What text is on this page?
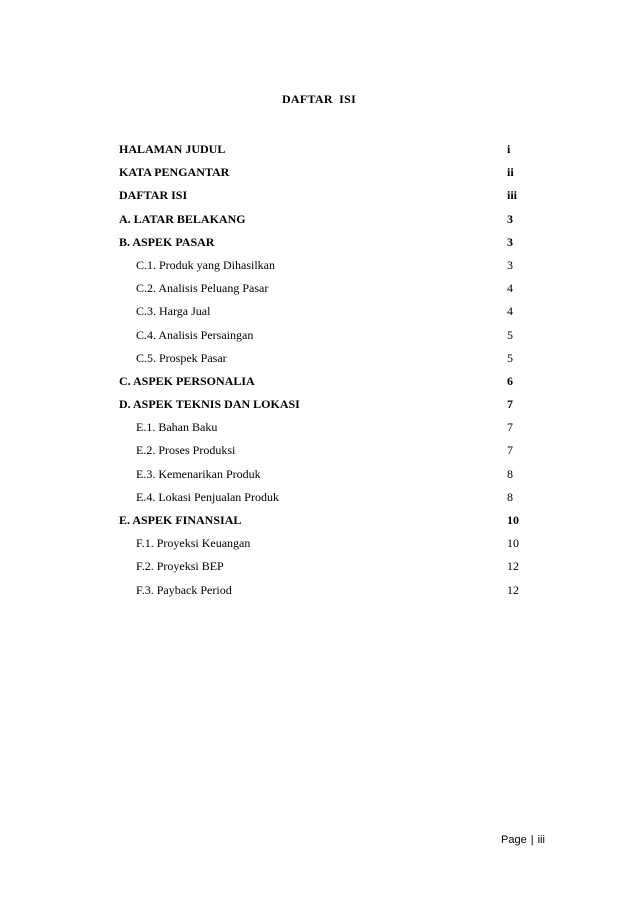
DAFTAR ISI
HALAMAN JUDUL	i
KATA PENGANTAR	ii
DAFTAR ISI	iii
A. LATAR BELAKANG	3
B. ASPEK PASAR	3
C.1. Produk yang Dihasilkan	3
C.2. Analisis Peluang Pasar	4
C.3. Harga Jual	4
C.4. Analisis Persaingan	5
C.5. Prospek Pasar	5
C. ASPEK PERSONALIA	6
D. ASPEK TEKNIS DAN LOKASI	7
E.1. Bahan Baku	7
E.2. Proses Produksi	7
E.3. Kemenarikan Produk	8
E.4. Lokasi Penjualan Produk	8
E. ASPEK FINANSIAL	10
F.1. Proyeksi Keuangan	10
F.2. Proyeksi BEP	12
F.3. Payback Period	12
Page | iii
